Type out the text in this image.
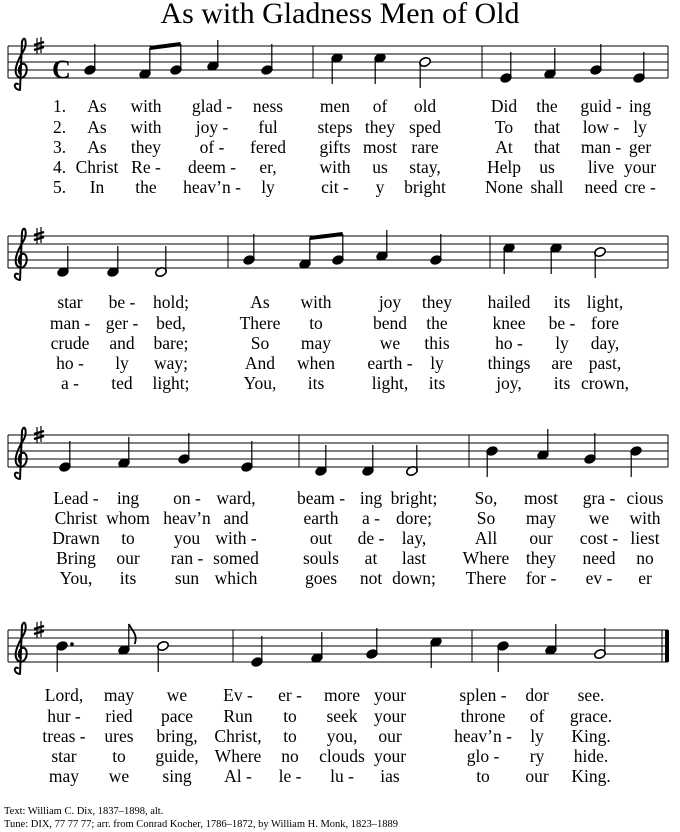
As with Gladness Men of Old
C
1. As with glad - ness men of old	Did the guid - ing
2. As with joy - ful steps they sped	To that low - ly
3. As they of - fered gifts most rare	At that man - ger
4. Christ Re - deem - er, with us stay,	Help us live your
5. In the heav’n - ly	cit - y bright None shall need cre -
star be - hold;	As with	joy they hailed its light,
man - ger - bed,	There to	bend the	knee be - fore
crude and bare;	So may	we this	ho - ly day,
ho - ly way;	And when earth - ly	things are past,
a - ted light;	You, its	light, its	joy, its crown,
Lead - ing on - ward, beam - ing bright; So, most gra - cious
Christ whom heav’n and	earth a - dore;	So may we with
Drawn to you with -	out de - lay,	All our cost - liest
Bring our ran - somed	souls at last Where they need no
You, its sun which	goes not down; There for - ev - er
Lord, may we Ev - er - more your	splen - dor see.
hur - ried pace Run to seek your	throne of grace.
treas - ures bring, Christ, to you, our	heav’n - ly King.
star to guide, Where no clouds your	glo - ry hide.
may we sing Al - le - lu - ias	to our King.
Text: William C. Dix, 1837–1898, alt.
Tune: DIX, 77 77 77; arr. from Conrad Kocher, 1786–1872, by William H. Monk, 1823–1889
